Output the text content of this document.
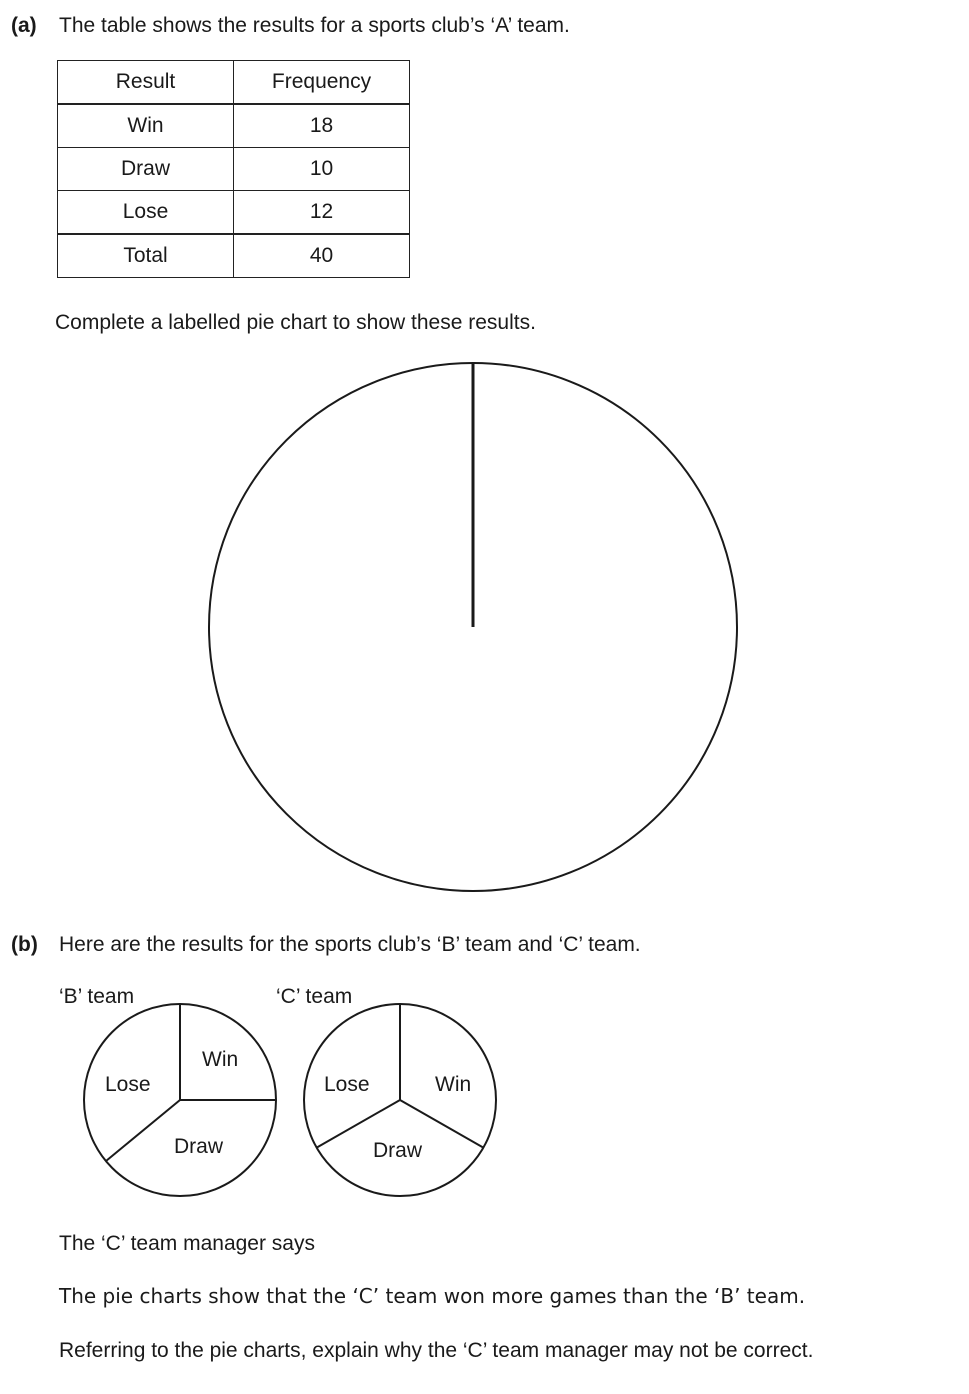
(a) The table shows the results for a sports club’s ‘A’ team.
Result	Frequency
Win	18
Draw	10
Lose	12
Total	40
Complete a labelled pie chart to show these results.
(b) Here are the results for the sports club’s ‘B’ team and ‘C’ team.
‘B’ team	‘C’ team
Win
Lose
Draw
Win
Lose
Draw
The ‘C’ team manager says
The pie charts show that the ‘C’ team won more games than the ‘B’ team.
Referring to the pie charts, explain why the ‘C’ team manager may not be correct.
